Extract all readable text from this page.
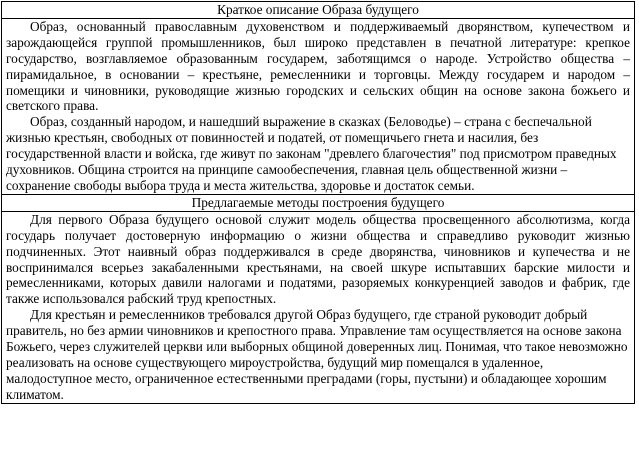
Краткое описание Образа будущего

Образ, основанный православным духовенством и поддерживаемый дворянством, купечеством и зарождающейся группой промышленников, был широко представлен в печатной литературе: крепкое государство, возглавляемое образованным государем, заботящимся о народе. Устройство общества – пирамидальное, в основании – крестьяне, ремесленники и торговцы. Между государем и народом – помещики и чиновники, руководящие жизнью городских и сельских общин на основе закона божьего и светского права.

Образ, созданный народом, и нашедший выражение в сказках (Беловодье) – страна с беспечальной жизнью крестьян, свободных от повинностей и податей, от помещичьего гнета и насилия, без государственной власти и войска, где живут по законам "древлего благочестия" под присмотром праведных духовников. Община строится на принципе самообеспечения, главная цель общественной жизни – сохранение свободы выбора труда и места жительства, здоровье и достаток семьи.

Предлагаемые методы построения будущего

Для первого Образа будущего основой служит модель общества просвещенного абсолютизма, когда государь получает достоверную информацию о жизни общества и справедливо руководит жизнью подчиненных. Этот наивный образ поддерживался в среде дворянства, чиновников и купечества и не воспринимался всерьез закабаленными крестьянами, на своей шкуре испытавших барские милости и ремесленниками, которых давили налогами и податями, разоряемых конкуренцией заводов и фабрик, где также использовался рабский труд крепостных.

Для крестьян и ремесленников требовался другой Образ будущего, где страной руководит добрый правитель, но без армии чиновников и крепостного права. Управление там осуществляется на основе закона Божьего, через служителей церкви или выборных общиной доверенных лиц. Понимая, что такое невозможно реализовать на основе существующего мироустройства, будущий мир помещался в удаленное, малодоступное место, ограниченное естественными преградами (горы, пустыни) и обладающее хорошим климатом.
